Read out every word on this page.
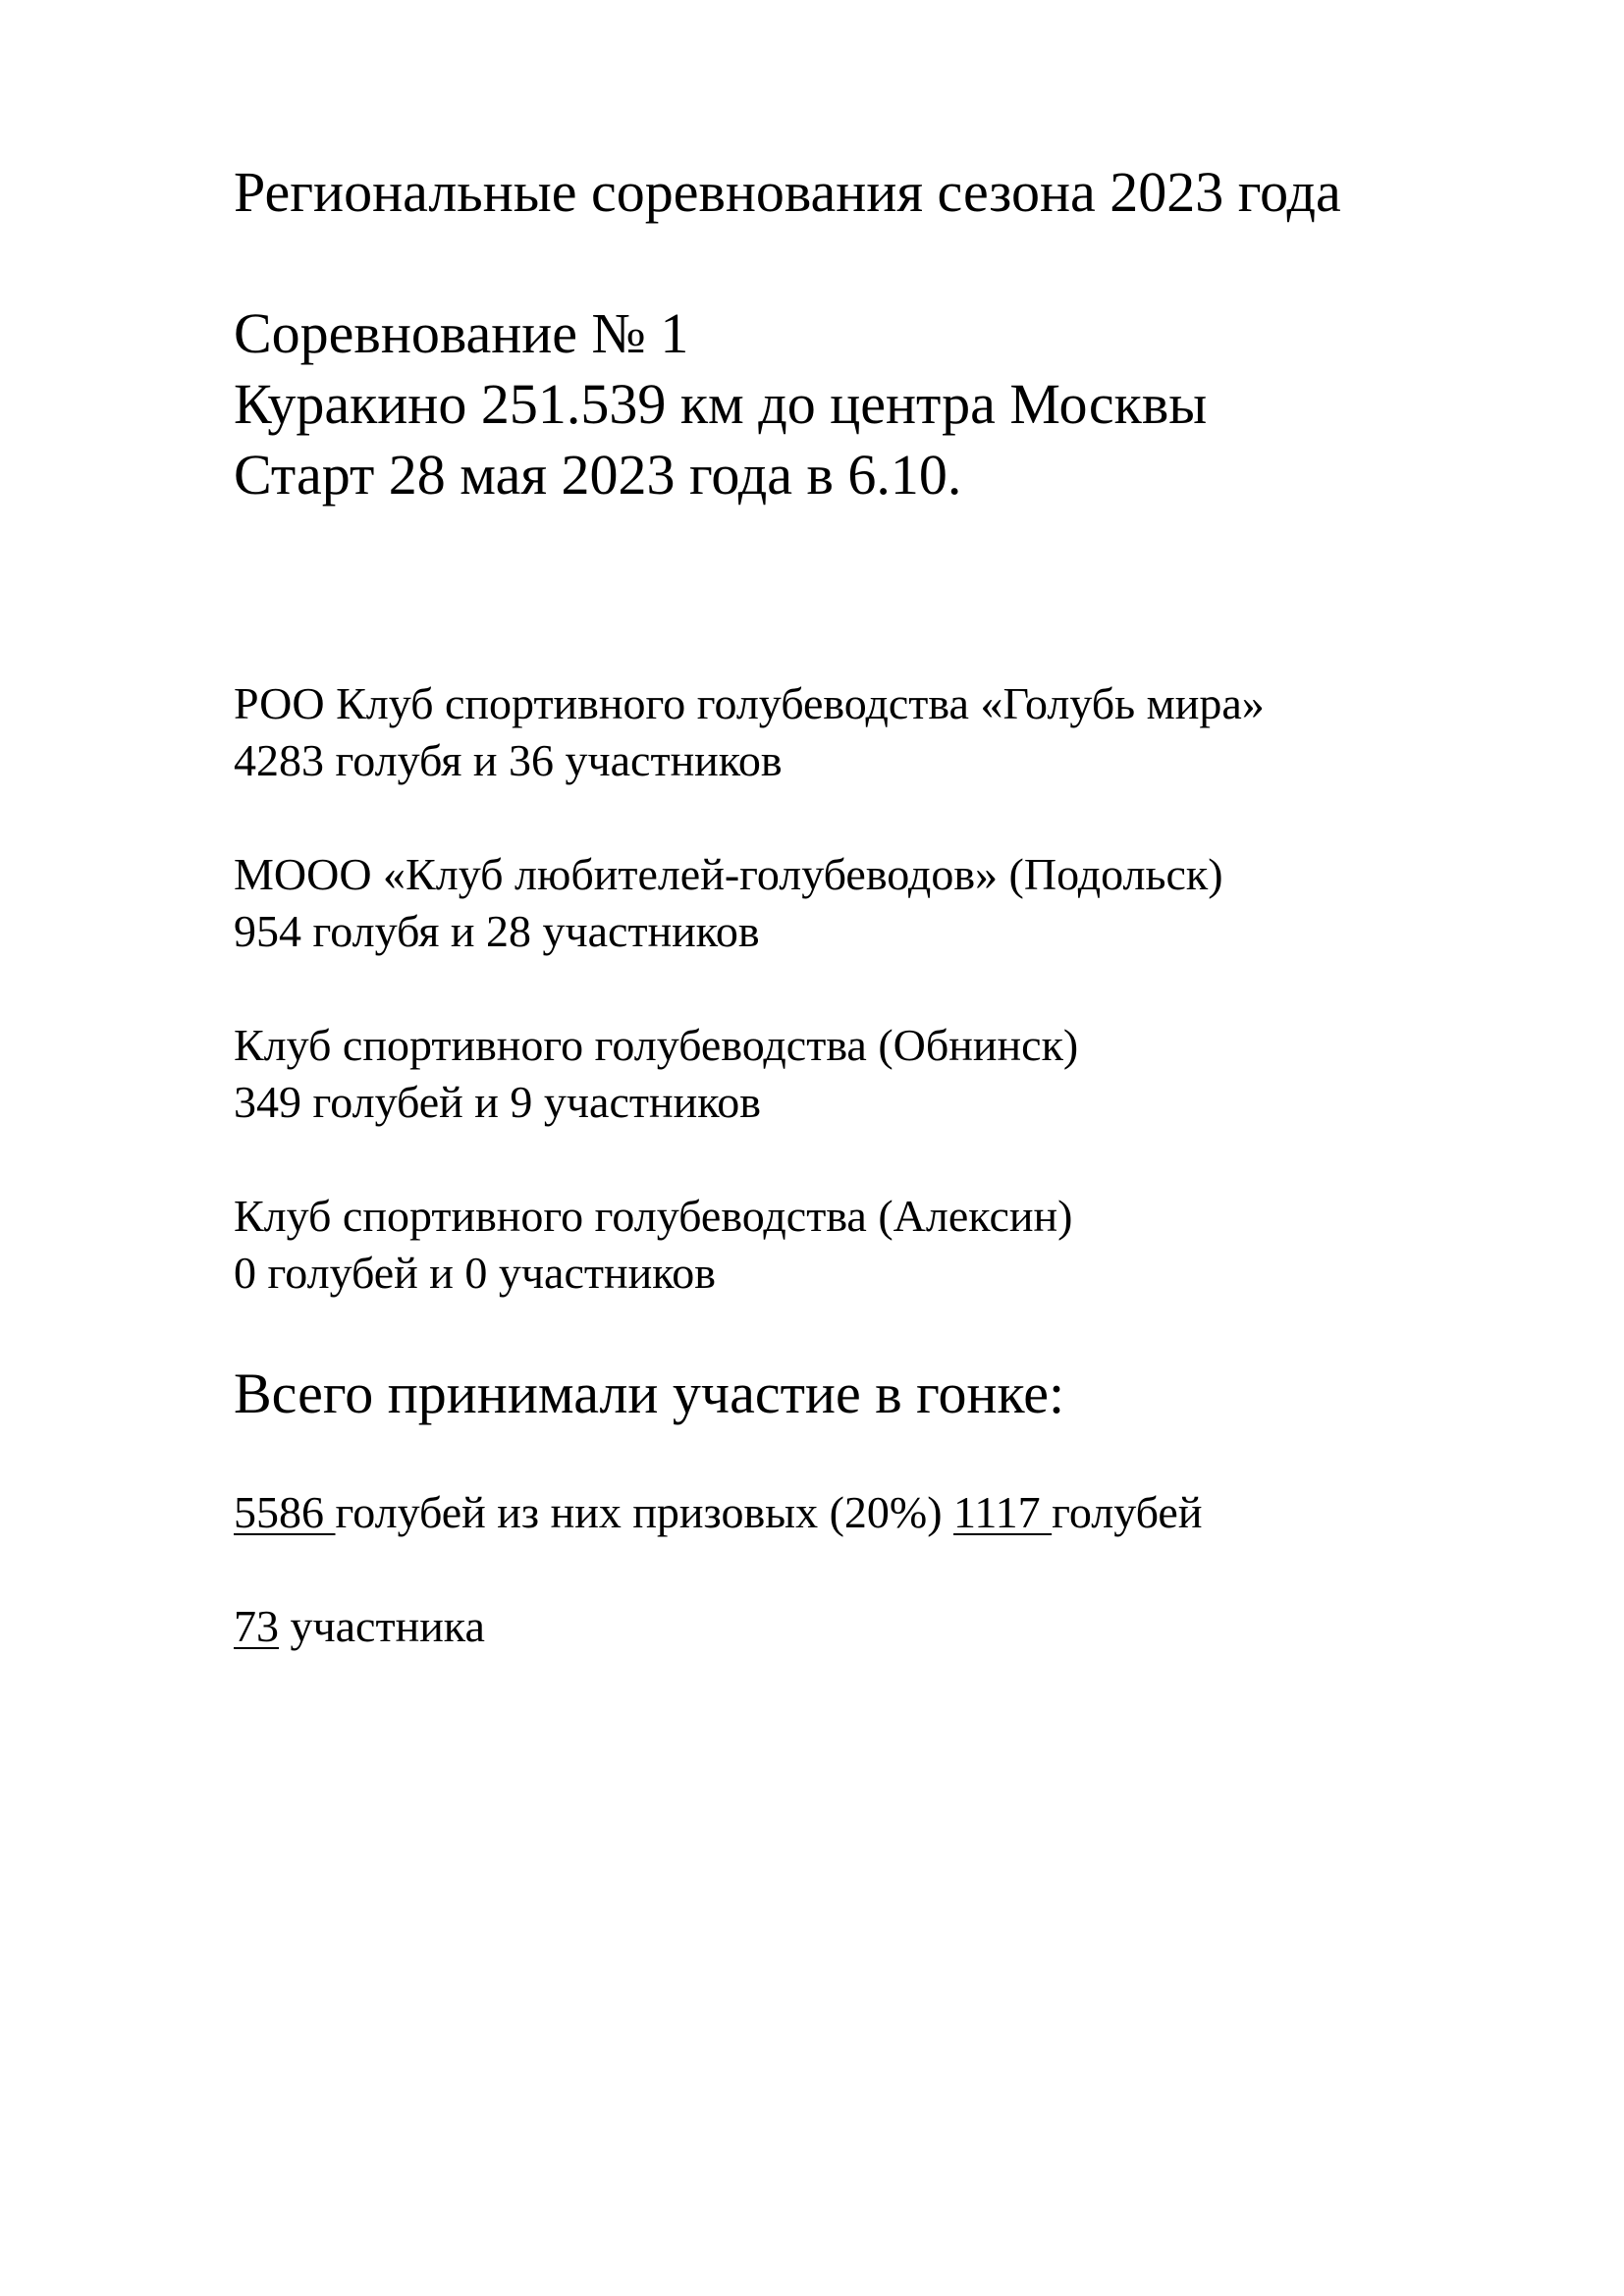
Региональные соревнования сезона 2023 года
Соревнование № 1
Куракино 251.539 км до центра Москвы
Старт 28 мая 2023 года в 6.10.
РОО Клуб спортивного голубеводства «Голубь мира»
4283 голубя и 36 участников
МООО «Клуб любителей-голубеводов» (Подольск)
954 голубя и 28 участников
Клуб спортивного голубеводства (Обнинск)
349 голубей и 9 участников
Клуб спортивного голубеводства (Алексин)
0 голубей и 0 участников
Всего принимали участие в гонке:
5586 голубей из них призовых (20%) 1117 голубей
73 участника
